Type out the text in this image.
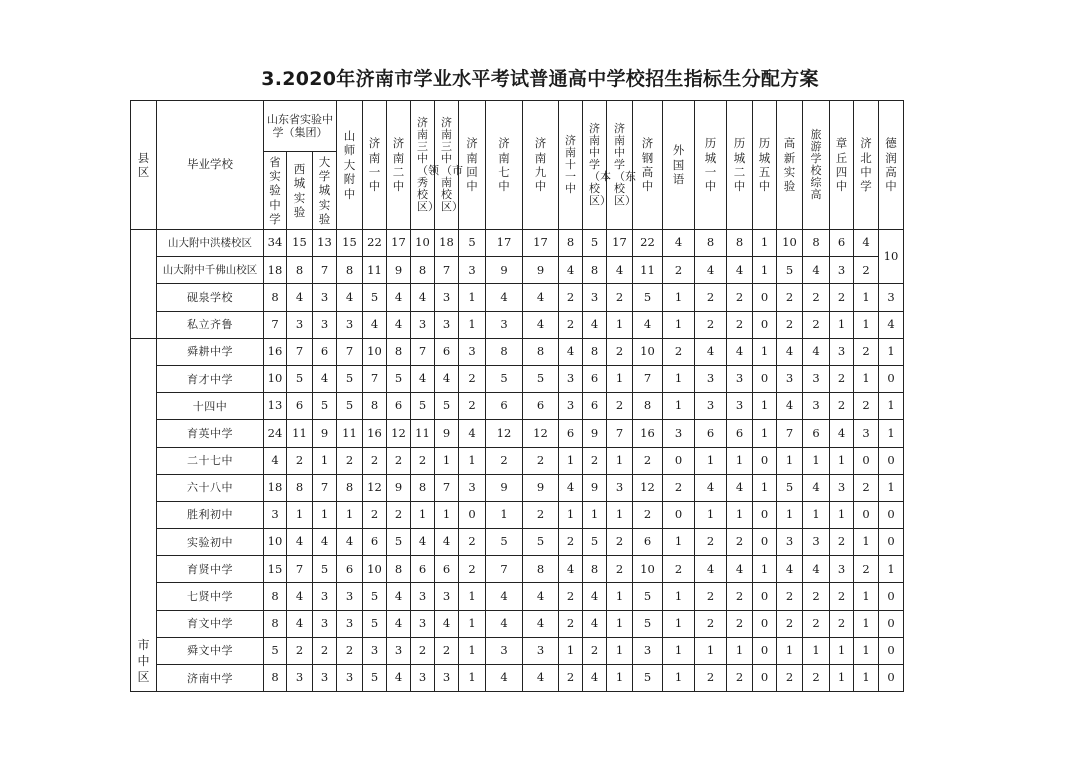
3.2020年济南市学业水平考试普通高中学校招生指标生分配方案
县区	毕业学校	山东省实验中学（集团）			山师大附中	济南一中	济南二中	济南三中（领秀校区）	济南三中（市南校区）	济南回中	济南七中	济南九中	济南十一中	济南中学（本校区）	济南中学（东校区）	济钢高中	外国语	历城一中	历城二中	历城五中	高新实验	旅游学校综高	章丘四中	济北中学	德润高中
		省实验中学	西城实验	大学城实验																					
	山大附中洪楼校区	34	15	13	15	22	17	10	18	5	17	17	8	5	17	22	4	8	8	1	10	8	6	4	10
	山大附中千佛山校区	18	8	7	8	11	9	8	7	3	9	9	4	8	4	11	2	4	4	1	5	4	3	2	
	砚泉学校	8	4	3	4	5	4	4	3	1	4	4	2	3	2	5	1	2	2	0	2	2	2	1	3
	私立齐鲁	7	3	3	3	4	4	3	3	1	3	4	2	4	1	4	1	2	2	0	2	2	1	1	4
市中区	舜耕中学	16	7	6	7	10	8	7	6	3	8	8	4	8	2	10	2	4	4	1	4	4	3	2	1
	育才中学	10	5	4	5	7	5	4	4	2	5	5	3	6	1	7	1	3	3	0	3	3	2	1	0
	十四中	13	6	5	5	8	6	5	5	2	6	6	3	6	2	8	1	3	3	1	4	3	2	2	1
	育英中学	24	11	9	11	16	12	11	9	4	12	12	6	9	7	16	3	6	6	1	7	6	4	3	1
	二十七中	4	2	1	2	2	2	2	1	1	2	2	1	2	1	2	0	1	1	0	1	1	1	0	0
	六十八中	18	8	7	8	12	9	8	7	3	9	9	4	9	3	12	2	4	4	1	5	4	3	2	1
	胜利初中	3	1	1	1	2	2	1	1	0	1	2	1	1	1	2	0	1	1	0	1	1	1	0	0
	实验初中	10	4	4	4	6	5	4	4	2	5	5	2	5	2	6	1	2	2	0	3	3	2	1	0
	育贤中学	15	7	5	6	10	8	6	6	2	7	8	4	8	2	10	2	4	4	1	4	4	3	2	1
	七贤中学	8	4	3	3	5	4	3	3	1	4	4	2	4	1	5	1	2	2	0	2	2	2	1	0
	育文中学	8	4	3	3	5	4	3	4	1	4	4	2	4	1	5	1	2	2	0	2	2	2	1	0
	舜文中学	5	2	2	2	3	3	2	2	1	3	3	1	2	1	3	1	1	1	0	1	1	1	1	0
	济南中学	8	3	3	3	5	4	3	3	1	4	4	2	4	1	5	1	2	2	0	2	2	1	1	0
